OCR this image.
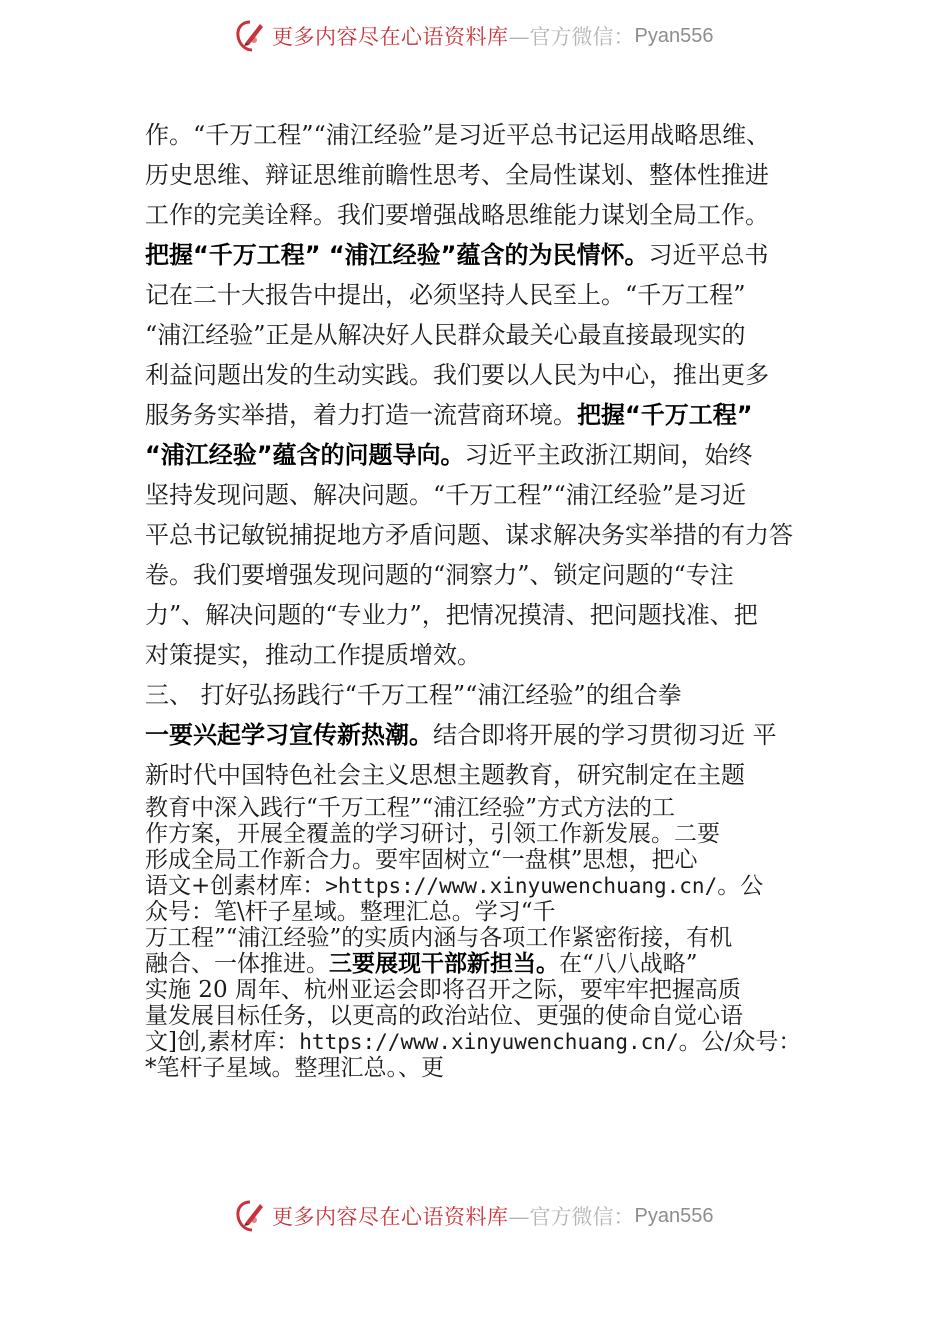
更多内容尽在心语资料库 —官方微信： Pyan556
作。“千万工程”“浦江经验”是习近平总书记运用战略思维、
历史思维、辩证思维前瞻性思考、全局性谋划、整体性推进
工作的完美诠释。我们要增强战略思维能力谋划全局工作。
把握“千万工程” “浦江经验”蕴含的为民情怀。习近平总书
记在二十大报告中提出，必须坚持人民至上。“千万工程”
“浦江经验”正是从解决好人民群众最关心最直接最现实的
利益问题出发的生动实践。我们要以人民为中心，推出更多
服务务实举措，着力打造一流营商环境。把握“千万工程”
“浦江经验”蕴含的问题导向。习近平主政浙江期间，始终
坚持发现问题、解决问题。“千万工程”“浦江经验”是习近
平总书记敏锐捕捉地方矛盾问题、谋求解决务实举措的有力答
卷。我们要增强发现问题的“洞察力”、锁定问题的“专注
力”、解决问题的“专业力”，把情况摸清、把问题找准、把
对策提实，推动工作提质增效。
三、 打好弘扬践行“千万工程”“浦江经验”的组合拳
一要兴起学习宣传新热潮。结合即将开展的学习贯彻习近 平
新时代中国特色社会主义思想主题教育，研究制定在主题
教育中深入践行“千万工程”“浦江经验”方式方法的工
作方案，开展全覆盖的学习研讨，引领工作新发展。二要
形成全局工作新合力。要牢固树立“一盘棋”思想，把心
语文+创素材库：>https://www.xinyuwenchuang.cn/。公
众号：笔\杆子星域。整理汇总。学习“千
万工程”“浦江经验”的实质内涵与各项工作紧密衔接，有机
融合、一体推进。三要展现干部新担当。在“八八战略”
实施 20 周年、杭州亚运会即将召开之际，要牢牢把握高质
量发展目标任务，以更高的政治站位、更强的使命自觉心语
文]创,素材库：https://www.xinyuwenchuang.cn/。公/众号：
*笔杆子星域。整理汇总。、更
更多内容尽在心语资料库 —官方微信： Pyan556
